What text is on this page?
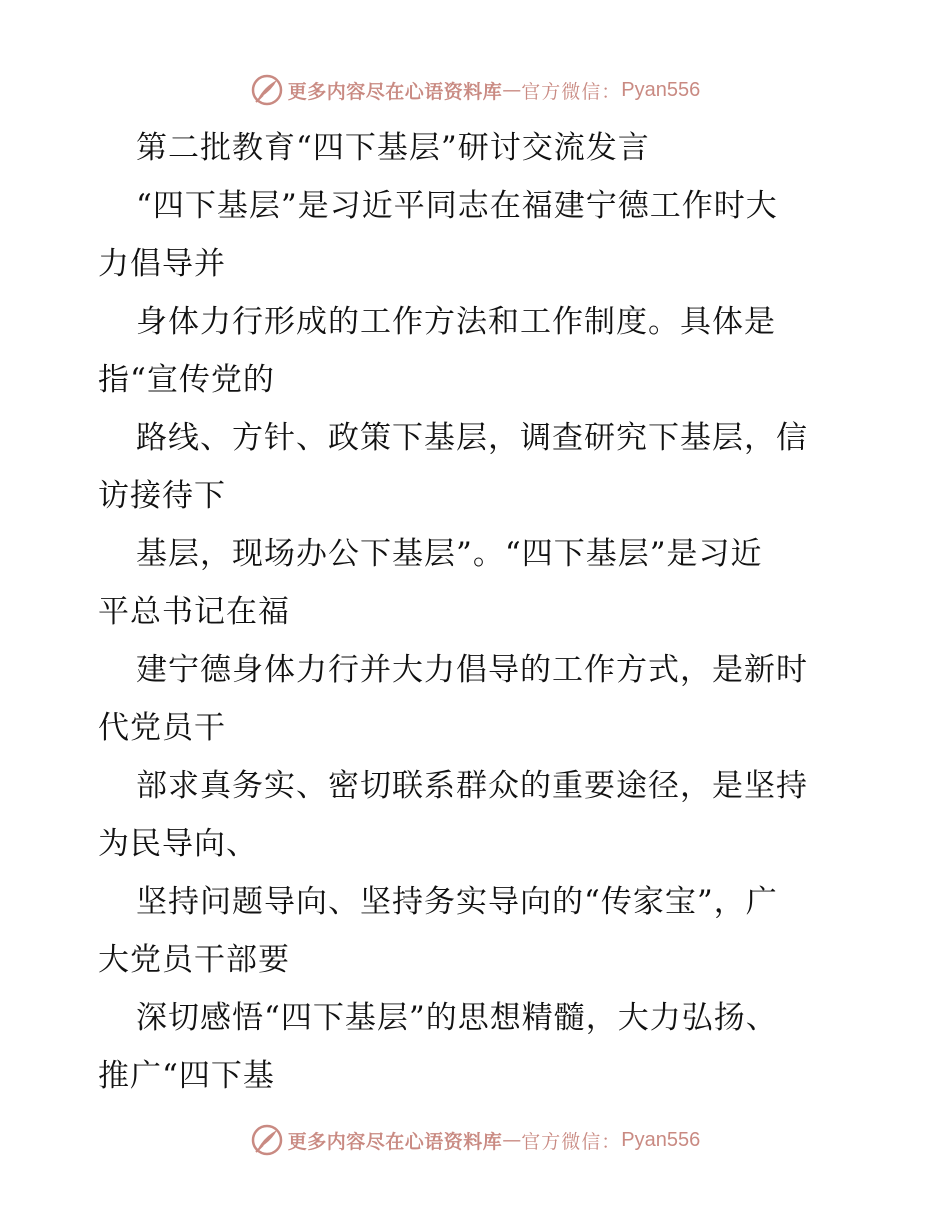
更多内容尽在心语资料库 — 官方微信： Pyan556
第二批教育“四下基层”研讨交流发言
“四下基层”是习近平同志在福建宁德工作时大
力倡导并
身体力行形成的工作方法和工作制度。具体是
指“宣传党的
路线、方针、政策下基层，调查研究下基层，信
访接待下
基层，现场办公下基层”。“四下基层”是习近
平总书记在福
建宁德身体力行并大力倡导的工作方式，是新时
代党员干
部求真务实、密切联系群众的重要途径，是坚持
为民导向、
坚持问题导向、坚持务实导向的“传家宝”，广
大党员干部要
深切感悟“四下基层”的思想精髓，大力弘扬、
推广“四下基
更多内容尽在心语资料库 — 官方微信： Pyan556
